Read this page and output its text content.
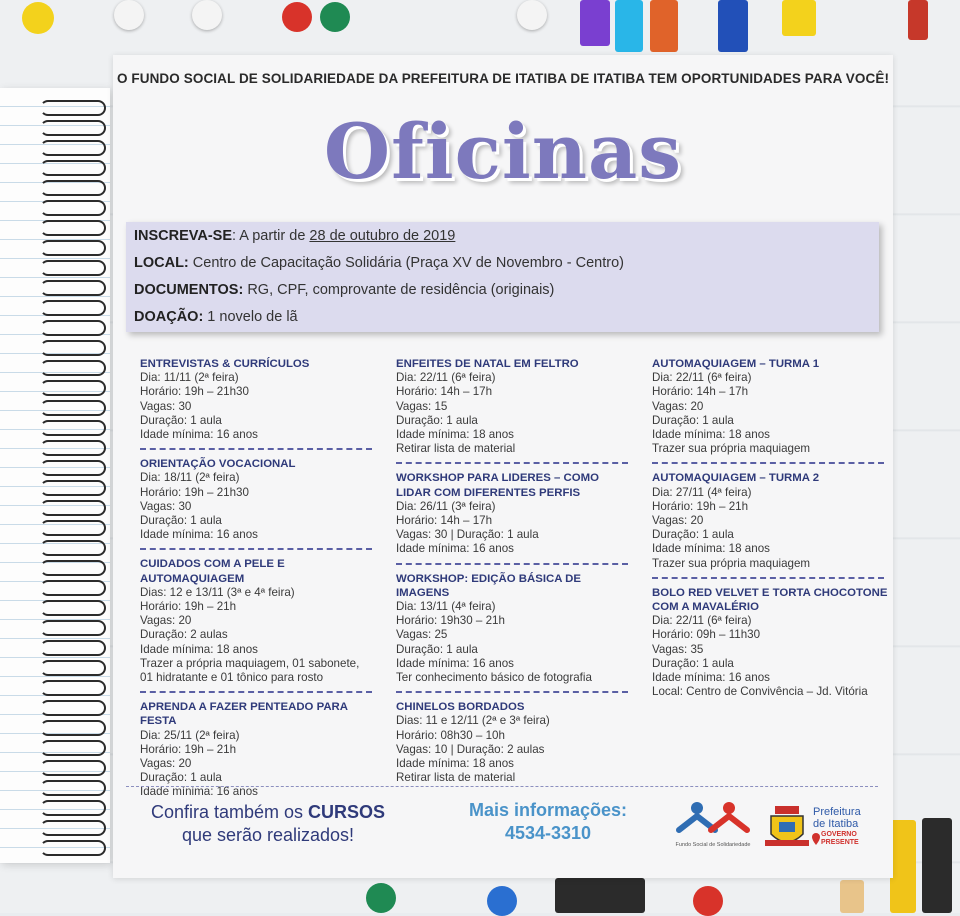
O FUNDO SOCIAL DE SOLIDARIEDADE DA PREFEITURA DE ITATIBA DE ITATIBA TEM OPORTUNIDADES PARA VOCÊ!
Oficinas
INSCREVA-SE: A partir de 28 de outubro de 2019
LOCAL: Centro de Capacitação Solidária (Praça XV de Novembro - Centro)
DOCUMENTOS: RG, CPF, comprovante de residência (originais)
DOAÇÃO: 1 novelo de lã
ENTREVISTAS & CURRÍCULOS
Dia: 11/11 (2ª feira)
Horário: 19h – 21h30
Vagas: 30
Duração: 1 aula
Idade mínima: 16 anos
ORIENTAÇÃO VOCACIONAL
Dia: 18/11 (2ª feira)
Horário: 19h – 21h30
Vagas: 30
Duração: 1 aula
Idade mínima: 16 anos
CUIDADOS COM A PELE E AUTOMAQUIAGEM
Dias: 12 e 13/11 (3ª e 4ª feira)
Horário: 19h – 21h
Vagas: 20
Duração: 2 aulas
Idade mínima: 18 anos
Trazer a própria maquiagem, 01 sabonete,
01 hidratante e 01 tônico para rosto
APRENDA A FAZER PENTEADO PARA FESTA
Dia: 25/11 (2ª feira)
Horário: 19h – 21h
Vagas: 20
Duração: 1 aula
Idade mínima: 16 anos
ENFEITES DE NATAL EM FELTRO
Dia: 22/11 (6ª feira)
Horário: 14h – 17h
Vagas: 15
Duração: 1 aula
Idade mínima: 18 anos
Retirar lista de material
WORKSHOP PARA LIDERES – COMO LIDAR COM DIFERENTES PERFIS
Dia: 26/11 (3ª feira)
Horário: 14h – 17h
Vagas: 30 | Duração: 1 aula
Idade mínima: 16 anos
WORKSHOP: EDIÇÃO BÁSICA DE IMAGENS
Dia: 13/11 (4ª feira)
Horário: 19h30 – 21h
Vagas: 25
Duração: 1 aula
Idade mínima: 16 anos
Ter conhecimento básico de fotografia
CHINELOS BORDADOS
Dias: 11 e 12/11 (2ª e 3ª feira)
Horário: 08h30 – 10h
Vagas: 10 | Duração: 2 aulas
Idade mínima: 18 anos
Retirar lista de material
AUTOMAQUIAGEM – TURMA 1
Dia: 22/11 (6ª feira)
Horário: 14h – 17h
Vagas: 20
Duração: 1 aula
Idade mínima: 18 anos
Trazer sua própria maquiagem
AUTOMAQUIAGEM – TURMA 2
Dia: 27/11 (4ª feira)
Horário: 19h – 21h
Vagas: 20
Duração: 1 aula
Idade mínima: 18 anos
Trazer sua própria maquiagem
BOLO RED VELVET E TORTA CHOCOTONE COM A MAVALÉRIO
Dia: 22/11 (6ª feira)
Horário: 09h – 11h30
Vagas: 35
Duração: 1 aula
Idade mínima: 16 anos
Local: Centro de Convivência – Jd. Vitória
Confira também os CURSOS
que serão realizados!
Mais informações:
4534-3310
Fundo Social de Solidariedade
Prefeitura
de Itatiba
GOVERNO
PRESENTE
